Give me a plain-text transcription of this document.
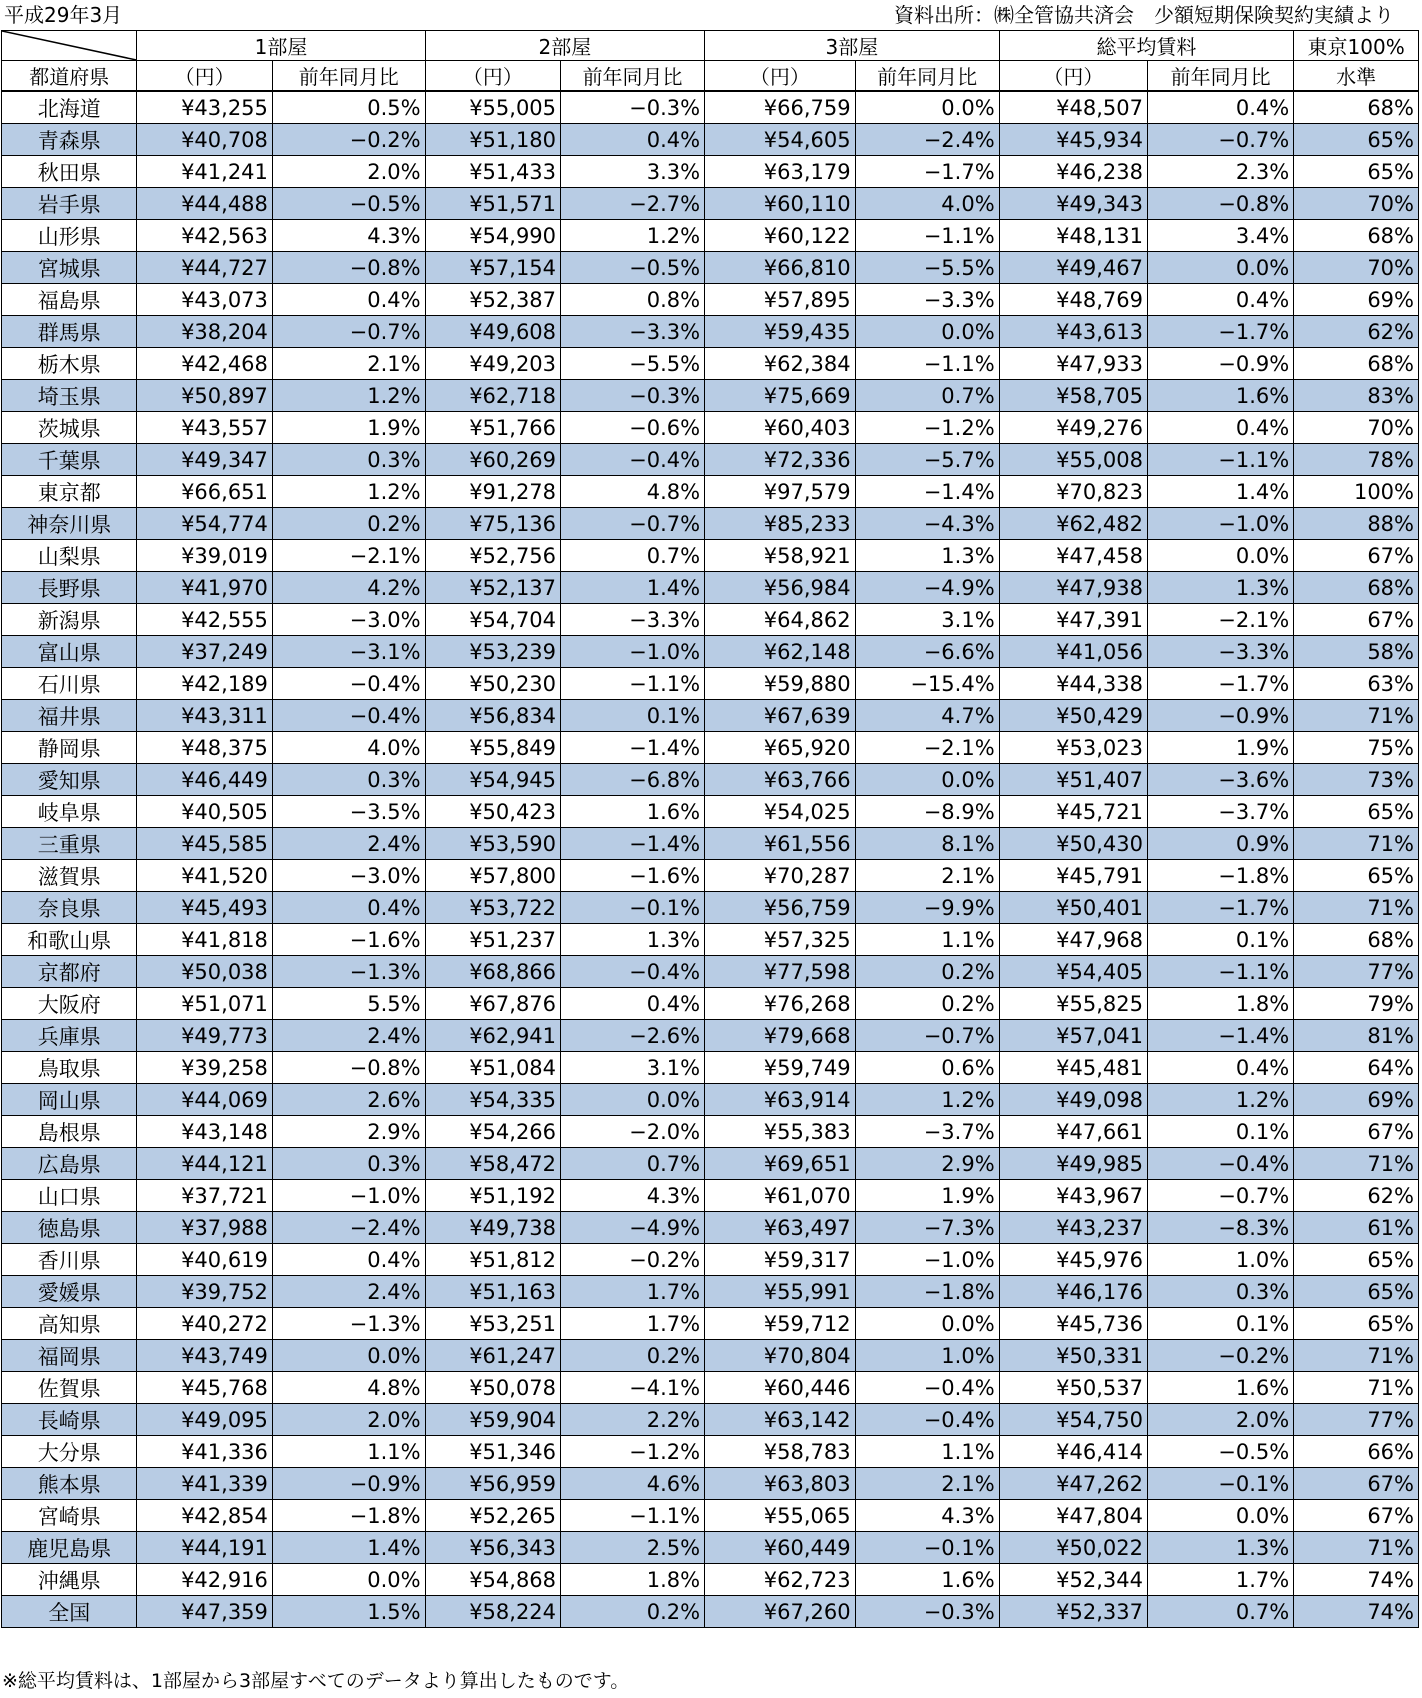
平成29年3月	資料出所：㈱全管協共済会　少額短期保険契約実績より
	1部屋		2部屋		3部屋		総平均賃料		東京100%
都道府県	（円）	前年同月比	（円）	前年同月比	（円）	前年同月比	（円）	前年同月比	水準
北海道	¥43,255	0.5%	¥55,005	−0.3%	¥66,759	0.0%	¥48,507	0.4%	68%
青森県	¥40,708	−0.2%	¥51,180	0.4%	¥54,605	−2.4%	¥45,934	−0.7%	65%
秋田県	¥41,241	2.0%	¥51,433	3.3%	¥63,179	−1.7%	¥46,238	2.3%	65%
岩手県	¥44,488	−0.5%	¥51,571	−2.7%	¥60,110	4.0%	¥49,343	−0.8%	70%
山形県	¥42,563	4.3%	¥54,990	1.2%	¥60,122	−1.1%	¥48,131	3.4%	68%
宮城県	¥44,727	−0.8%	¥57,154	−0.5%	¥66,810	−5.5%	¥49,467	0.0%	70%
福島県	¥43,073	0.4%	¥52,387	0.8%	¥57,895	−3.3%	¥48,769	0.4%	69%
群馬県	¥38,204	−0.7%	¥49,608	−3.3%	¥59,435	0.0%	¥43,613	−1.7%	62%
栃木県	¥42,468	2.1%	¥49,203	−5.5%	¥62,384	−1.1%	¥47,933	−0.9%	68%
埼玉県	¥50,897	1.2%	¥62,718	−0.3%	¥75,669	0.7%	¥58,705	1.6%	83%
茨城県	¥43,557	1.9%	¥51,766	−0.6%	¥60,403	−1.2%	¥49,276	0.4%	70%
千葉県	¥49,347	0.3%	¥60,269	−0.4%	¥72,336	−5.7%	¥55,008	−1.1%	78%
東京都	¥66,651	1.2%	¥91,278	4.8%	¥97,579	−1.4%	¥70,823	1.4%	100%
神奈川県	¥54,774	0.2%	¥75,136	−0.7%	¥85,233	−4.3%	¥62,482	−1.0%	88%
山梨県	¥39,019	−2.1%	¥52,756	0.7%	¥58,921	1.3%	¥47,458	0.0%	67%
長野県	¥41,970	4.2%	¥52,137	1.4%	¥56,984	−4.9%	¥47,938	1.3%	68%
新潟県	¥42,555	−3.0%	¥54,704	−3.3%	¥64,862	3.1%	¥47,391	−2.1%	67%
富山県	¥37,249	−3.1%	¥53,239	−1.0%	¥62,148	−6.6%	¥41,056	−3.3%	58%
石川県	¥42,189	−0.4%	¥50,230	−1.1%	¥59,880	−15.4%	¥44,338	−1.7%	63%
福井県	¥43,311	−0.4%	¥56,834	0.1%	¥67,639	4.7%	¥50,429	−0.9%	71%
静岡県	¥48,375	4.0%	¥55,849	−1.4%	¥65,920	−2.1%	¥53,023	1.9%	75%
愛知県	¥46,449	0.3%	¥54,945	−6.8%	¥63,766	0.0%	¥51,407	−3.6%	73%
岐阜県	¥40,505	−3.5%	¥50,423	1.6%	¥54,025	−8.9%	¥45,721	−3.7%	65%
三重県	¥45,585	2.4%	¥53,590	−1.4%	¥61,556	8.1%	¥50,430	0.9%	71%
滋賀県	¥41,520	−3.0%	¥57,800	−1.6%	¥70,287	2.1%	¥45,791	−1.8%	65%
奈良県	¥45,493	0.4%	¥53,722	−0.1%	¥56,759	−9.9%	¥50,401	−1.7%	71%
和歌山県	¥41,818	−1.6%	¥51,237	1.3%	¥57,325	1.1%	¥47,968	0.1%	68%
京都府	¥50,038	−1.3%	¥68,866	−0.4%	¥77,598	0.2%	¥54,405	−1.1%	77%
大阪府	¥51,071	5.5%	¥67,876	0.4%	¥76,268	0.2%	¥55,825	1.8%	79%
兵庫県	¥49,773	2.4%	¥62,941	−2.6%	¥79,668	−0.7%	¥57,041	−1.4%	81%
鳥取県	¥39,258	−0.8%	¥51,084	3.1%	¥59,749	0.6%	¥45,481	0.4%	64%
岡山県	¥44,069	2.6%	¥54,335	0.0%	¥63,914	1.2%	¥49,098	1.2%	69%
島根県	¥43,148	2.9%	¥54,266	−2.0%	¥55,383	−3.7%	¥47,661	0.1%	67%
広島県	¥44,121	0.3%	¥58,472	0.7%	¥69,651	2.9%	¥49,985	−0.4%	71%
山口県	¥37,721	−1.0%	¥51,192	4.3%	¥61,070	1.9%	¥43,967	−0.7%	62%
徳島県	¥37,988	−2.4%	¥49,738	−4.9%	¥63,497	−7.3%	¥43,237	−8.3%	61%
香川県	¥40,619	0.4%	¥51,812	−0.2%	¥59,317	−1.0%	¥45,976	1.0%	65%
愛媛県	¥39,752	2.4%	¥51,163	1.7%	¥55,991	−1.8%	¥46,176	0.3%	65%
高知県	¥40,272	−1.3%	¥53,251	1.7%	¥59,712	0.0%	¥45,736	0.1%	65%
福岡県	¥43,749	0.0%	¥61,247	0.2%	¥70,804	1.0%	¥50,331	−0.2%	71%
佐賀県	¥45,768	4.8%	¥50,078	−4.1%	¥60,446	−0.4%	¥50,537	1.6%	71%
長崎県	¥49,095	2.0%	¥59,904	2.2%	¥63,142	−0.4%	¥54,750	2.0%	77%
大分県	¥41,336	1.1%	¥51,346	−1.2%	¥58,783	1.1%	¥46,414	−0.5%	66%
熊本県	¥41,339	−0.9%	¥56,959	4.6%	¥63,803	2.1%	¥47,262	−0.1%	67%
宮崎県	¥42,854	−1.8%	¥52,265	−1.1%	¥55,065	4.3%	¥47,804	0.0%	67%
鹿児島県	¥44,191	1.4%	¥56,343	2.5%	¥60,449	−0.1%	¥50,022	1.3%	71%
沖縄県	¥42,916	0.0%	¥54,868	1.8%	¥62,723	1.6%	¥52,344	1.7%	74%
全国	¥47,359	1.5%	¥58,224	0.2%	¥67,260	−0.3%	¥52,337	0.7%	74%
※総平均賃料は、1部屋から3部屋すべてのデータより算出したものです。
